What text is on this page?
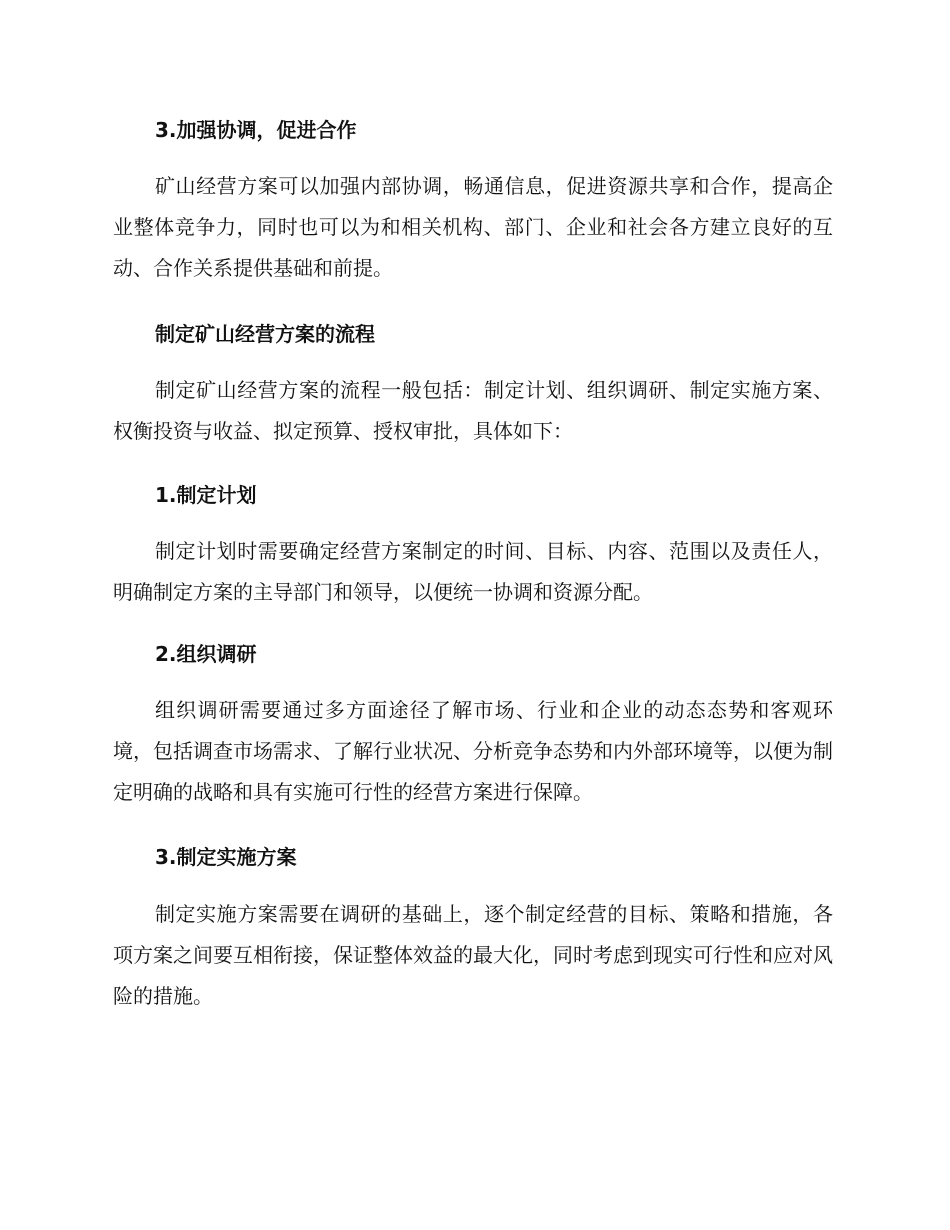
3.加强协调，促进合作

矿山经营方案可以加强内部协调，畅通信息，促进资源共享和合作，提高企业整体竞争力，同时也可以为和相关机构、部门、企业和社会各方建立良好的互动、合作关系提供基础和前提。

制定矿山经营方案的流程

制定矿山经营方案的流程一般包括：制定计划、组织调研、制定实施方案、权衡投资与收益、拟定预算、授权审批，具体如下：

1.制定计划

制定计划时需要确定经营方案制定的时间、目标、内容、范围以及责任人，明确制定方案的主导部门和领导，以便统一协调和资源分配。

2.组织调研

组织调研需要通过多方面途径了解市场、行业和企业的动态态势和客观环境，包括调查市场需求、了解行业状况、分析竞争态势和内外部环境等，以便为制定明确的战略和具有实施可行性的经营方案进行保障。

3.制定实施方案

制定实施方案需要在调研的基础上，逐个制定经营的目标、策略和措施，各项方案之间要互相衔接，保证整体效益的最大化，同时考虑到现实可行性和应对风险的措施。
